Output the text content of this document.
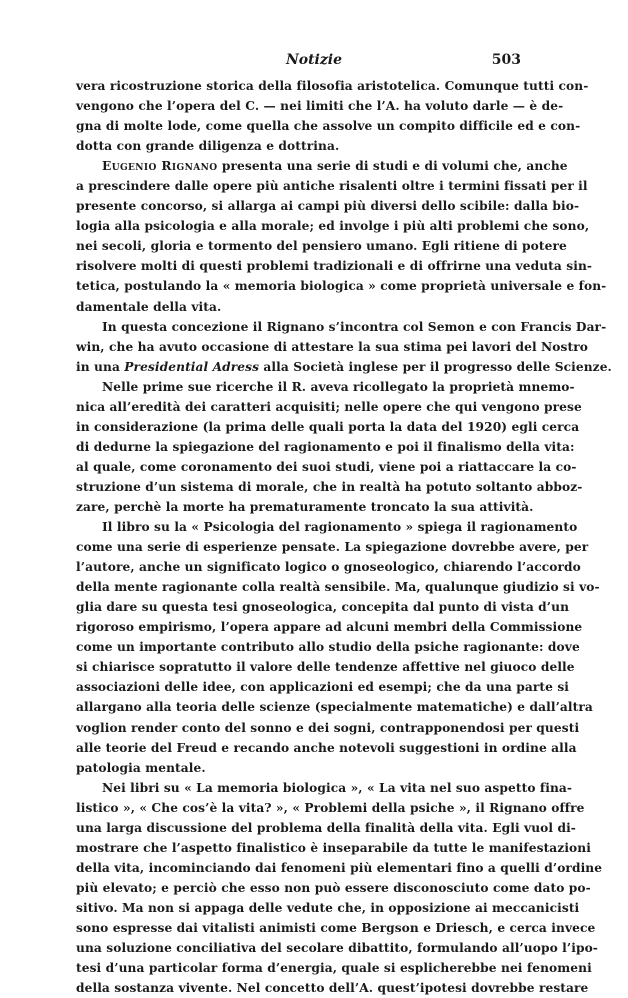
Notizie	503
vera ricostruzione storica della filosofia aristotelica. Comunque tutti con-
vengono che l’opera del C. — nei limiti che l’A. ha voluto darle — è de-
gna di molte lode, come quella che assolve un compito difficile ed e con-
dotta con grande diligenza e dottrina.
Eugenio Rignano presenta una serie di studi e di volumi che, anche
a prescindere dalle opere più antiche risalenti oltre i termini fissati per il
presente concorso, si allarga ai campi più diversi dello scibile: dalla bio-
logia alla psicologia e alla morale; ed involge i più alti problemi che sono,
nei secoli, gloria e tormento del pensiero umano. Egli ritiene di potere
risolvere molti di questi problemi tradizionali e di offrirne una veduta sin-
tetica, postulando la « memoria biologica » come proprietà universale e fon-
damentale della vita.
In questa concezione il Rignano s’incontra col Semon e con Francis Dar-
win, che ha avuto occasione di attestare la sua stima pei lavori del Nostro
in una Presidential Adress alla Società inglese per il progresso delle Scienze.
Nelle prime sue ricerche il R. aveva ricollegato la proprietà mnemo-
nica all’eredità dei caratteri acquisiti; nelle opere che qui vengono prese
in considerazione (la prima delle quali porta la data del 1920) egli cerca
di dedurne la spiegazione del ragionamento e poi il finalismo della vita:
al quale, come coronamento dei suoi studi, viene poi a riattaccare la co-
struzione d’un sistema di morale, che in realtà ha potuto soltanto abboz-
zare, perchè la morte ha prematuramente troncato la sua attività.
Il libro su la « Psicologia del ragionamento » spiega il ragionamento
come una serie di esperienze pensate. La spiegazione dovrebbe avere, per
l’autore, anche un significato logico o gnoseologico, chiarendo l’accordo
della mente ragionante colla realtà sensibile. Ma, qualunque giudizio si vo-
glia dare su questa tesi gnoseologica, concepita dal punto di vista d’un
rigoroso empirismo, l’opera appare ad alcuni membri della Commissione
come un importante contributo allo studio della psiche ragionante: dove
si chiarisce sopratutto il valore delle tendenze affettive nel giuoco delle
associazioni delle idee, con applicazioni ed esempi; che da una parte si
allargano alla teoria delle scienze (specialmente matematiche) e dall’altra
voglion render conto del sonno e dei sogni, contrapponendosi per questi
alle teorie del Freud e recando anche notevoli suggestioni in ordine alla
patologia mentale.
Nei libri su « La memoria biologica », « La vita nel suo aspetto fina-
listico », « Che cos’è la vita? », « Problemi della psiche », il Rignano offre
una larga discussione del problema della finalità della vita. Egli vuol di-
mostrare che l’aspetto finalistico è inseparabile da tutte le manifestazioni
della vita, incominciando dai fenomeni più elementari fino a quelli d’ordine
più elevato; e perciò che esso non può essere disconosciuto come dato po-
sitivo. Ma non si appaga delle vedute che, in opposizione ai meccanicisti
sono espresse dai vitalisti animisti come Bergson e Driesch, e cerca invece
una soluzione conciliativa del secolare dibattito, formulando all’uopo l’ipo-
tesi d’una particolar forma d’energia, quale si esplicherebbe nei fenomeni
della sostanza vivente. Nel concetto dell’A. quest’ipotesi dovrebbe restare
